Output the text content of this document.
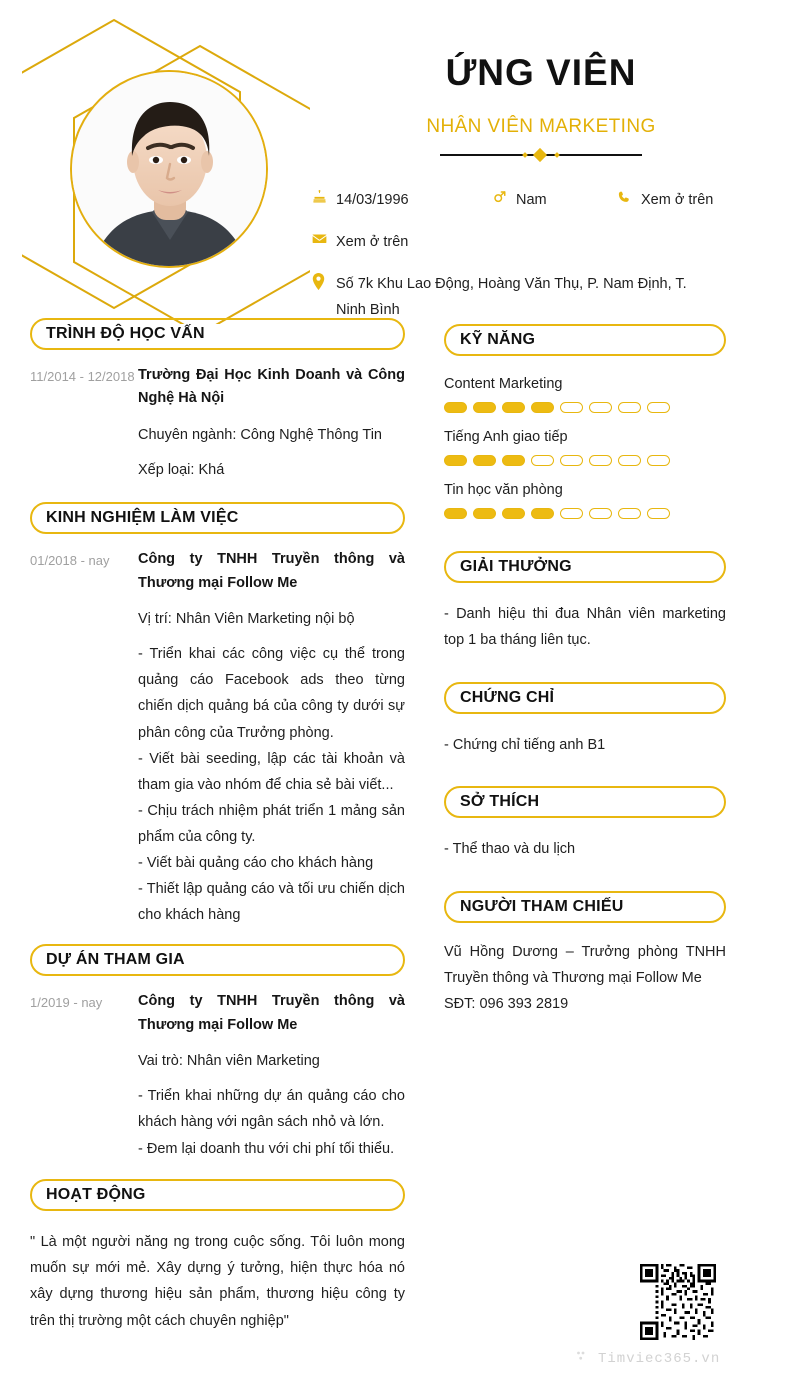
ỨNG VIÊN
NHÂN VIÊN MARKETING
14/03/1996	Nam	Xem ở trên
Xem ở trên
Số 7k Khu Lao Động, Hoàng Văn Thụ, P. Nam Định, T. Ninh Bình
TRÌNH ĐỘ HỌC VẤN
11/2014 - 12/2018 Trường Đại Học Kinh Doanh và Công Nghệ Hà Nội
Chuyên ngành: Công Nghệ Thông Tin
Xếp loại: Khá
KINH NGHIỆM LÀM VIỆC
01/2018 - nay	Công ty TNHH Truyền thông và Thương mại Follow Me
Vị trí: Nhân Viên Marketing nội bộ
- Triển khai các công việc cụ thể trong quảng cáo Facebook ads theo từng chiến dịch quảng bá của công ty dưới sự phân công của Trưởng phòng.
- Viết bài seeding, lập các tài khoản và tham gia vào nhóm để chia sẻ bài viết...
- Chịu trách nhiệm phát triển 1 mảng sản phẩm của công ty.
- Viết bài quảng cáo cho khách hàng
- Thiết lập quảng cáo và tối ưu chiến dịch cho khách hàng
DỰ ÁN THAM GIA
1/2019 - nay	Công ty TNHH Truyền thông và Thương mại Follow Me
Vai trò: Nhân viên Marketing
- Triển khai những dự án quảng cáo cho khách hàng với ngân sách nhỏ và lớn.
- Đem lại doanh thu với chi phí tối thiểu.
HOẠT ĐỘNG
" Là một người năng ng trong cuộc sống. Tôi luôn mong muốn sự mới mẻ. Xây dựng ý tưởng, hiện thực hóa nó xây dựng thương hiệu sản phẩm, thương hiệu công ty trên thị trường một cách chuyên nghiệp"
KỸ NĂNG
Content Marketing
Tiếng Anh giao tiếp
Tin học văn phòng
GIẢI THƯỞNG
- Danh hiệu thi đua Nhân viên marketing top 1 ba tháng liên tục.
CHỨNG CHỈ
- Chứng chỉ tiếng anh B1
SỞ THÍCH
- Thể thao và du lịch
NGƯỜI THAM CHIẾU
Vũ Hồng Dương – Trưởng phòng TNHH Truyền thông và Thương mại Follow Me
SĐT: 096 393 2819
Timviec365.vn
